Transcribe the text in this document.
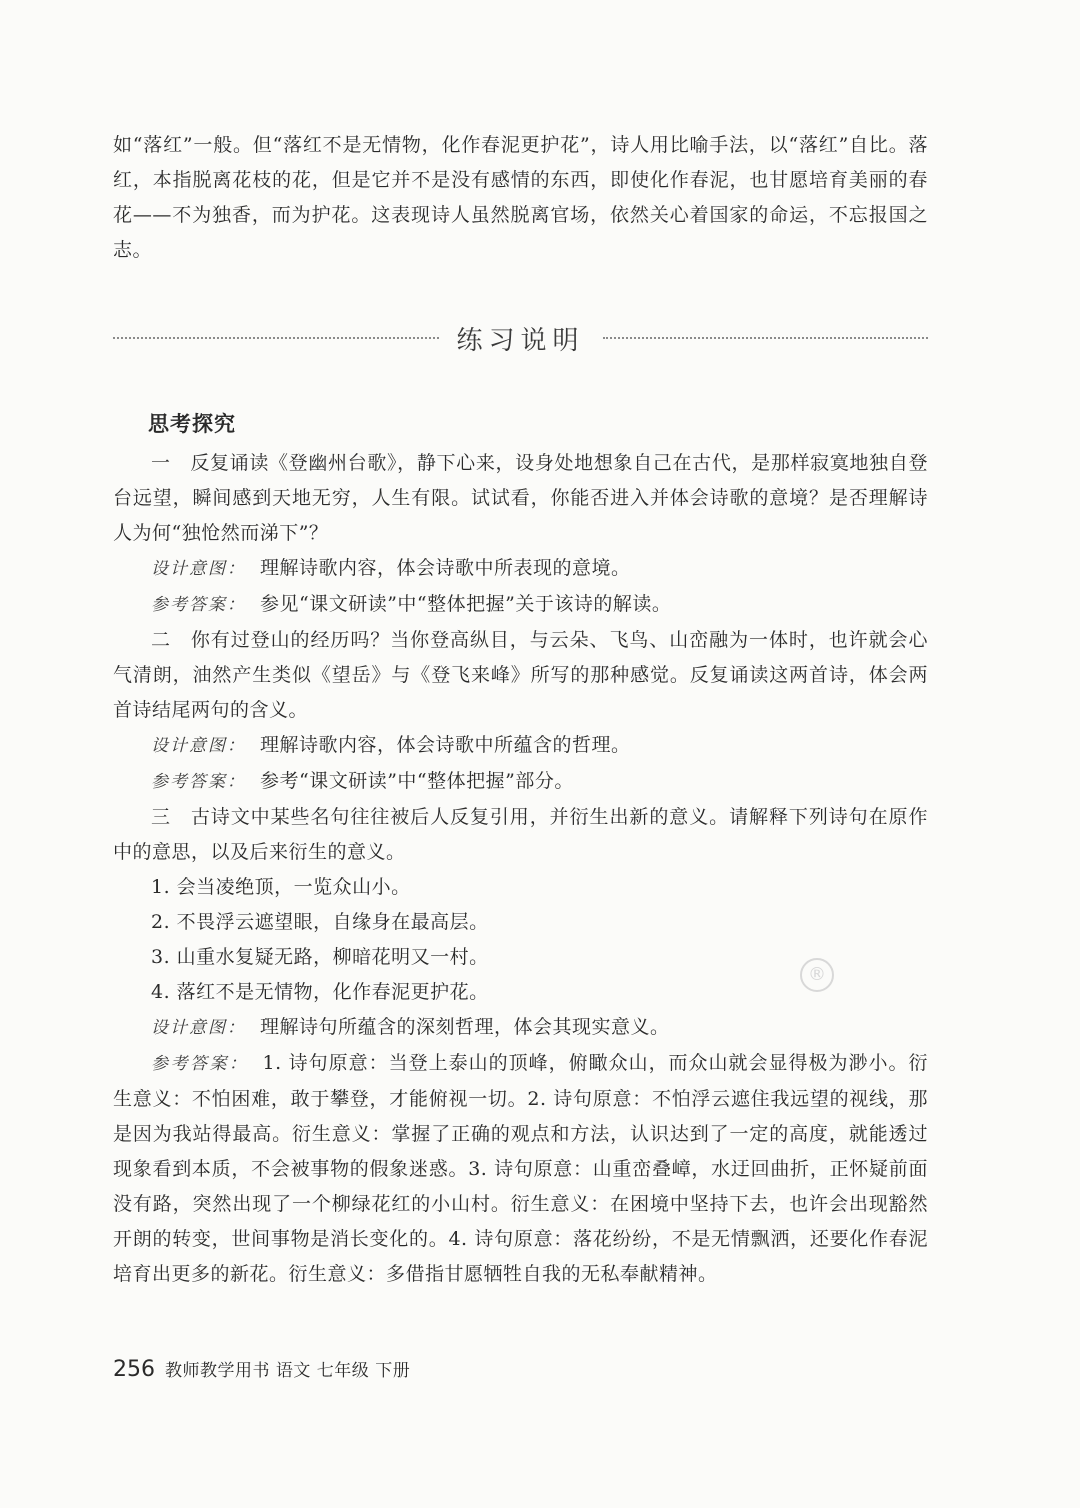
如“落红”一般。但“落红不是无情物，化作春泥更护花”，诗人用比喻手法，以“落红”自比。落红，本指脱离花枝的花，但是它并不是没有感情的东西，即使化作春泥，也甘愿培育美丽的春花——不为独香，而为护花。这表现诗人虽然脱离官场，依然关心着国家的命运，不忘报国之志。

练习说明
思考探究

一　反复诵读《登幽州台歌》，静下心来，设身处地想象自己在古代，是那样寂寞地独自登台远望，瞬间感到天地无穷，人生有限。试试看，你能否进入并体会诗歌的意境？是否理解诗人为何“独怆然而涕下”？

设计意图： 理解诗歌内容，体会诗歌中所表现的意境。

参考答案： 参见“课文研读”中“整体把握”关于该诗的解读。

二　你有过登山的经历吗？当你登高纵目，与云朵、飞鸟、山峦融为一体时，也许就会心气清朗，油然产生类似《望岳》与《登飞来峰》所写的那种感觉。反复诵读这两首诗，体会两首诗结尾两句的含义。

设计意图： 理解诗歌内容，体会诗歌中所蕴含的哲理。

参考答案： 参考“课文研读”中“整体把握”部分。

三　古诗文中某些名句往往被后人反复引用，并衍生出新的意义。请解释下列诗句在原作中的意思，以及后来衍生的意义。

1. 会当凌绝顶，一览众山小。

2. 不畏浮云遮望眼，自缘身在最高层。

3. 山重水复疑无路，柳暗花明又一村。

4. 落红不是无情物，化作春泥更护花。

设计意图： 理解诗句所蕴含的深刻哲理，体会其现实意义。

参考答案： 1. 诗句原意：当登上泰山的顶峰，俯瞰众山，而众山就会显得极为渺小。衍生意义：不怕困难，敢于攀登，才能俯视一切。2. 诗句原意：不怕浮云遮住我远望的视线，那是因为我站得最高。衍生意义：掌握了正确的观点和方法，认识达到了一定的高度，就能透过现象看到本质，不会被事物的假象迷惑。3. 诗句原意：山重峦叠嶂，水迂回曲折，正怀疑前面没有路，突然出现了一个柳绿花红的小山村。衍生意义：在困境中坚持下去，也许会出现豁然开朗的转变，世间事物是消长变化的。4. 诗句原意：落花纷纷，不是无情飘洒，还要化作春泥培育出更多的新花。衍生意义：多借指甘愿牺牲自我的无私奉献精神。

®
256 教师教学用书 语文 七年级 下册
